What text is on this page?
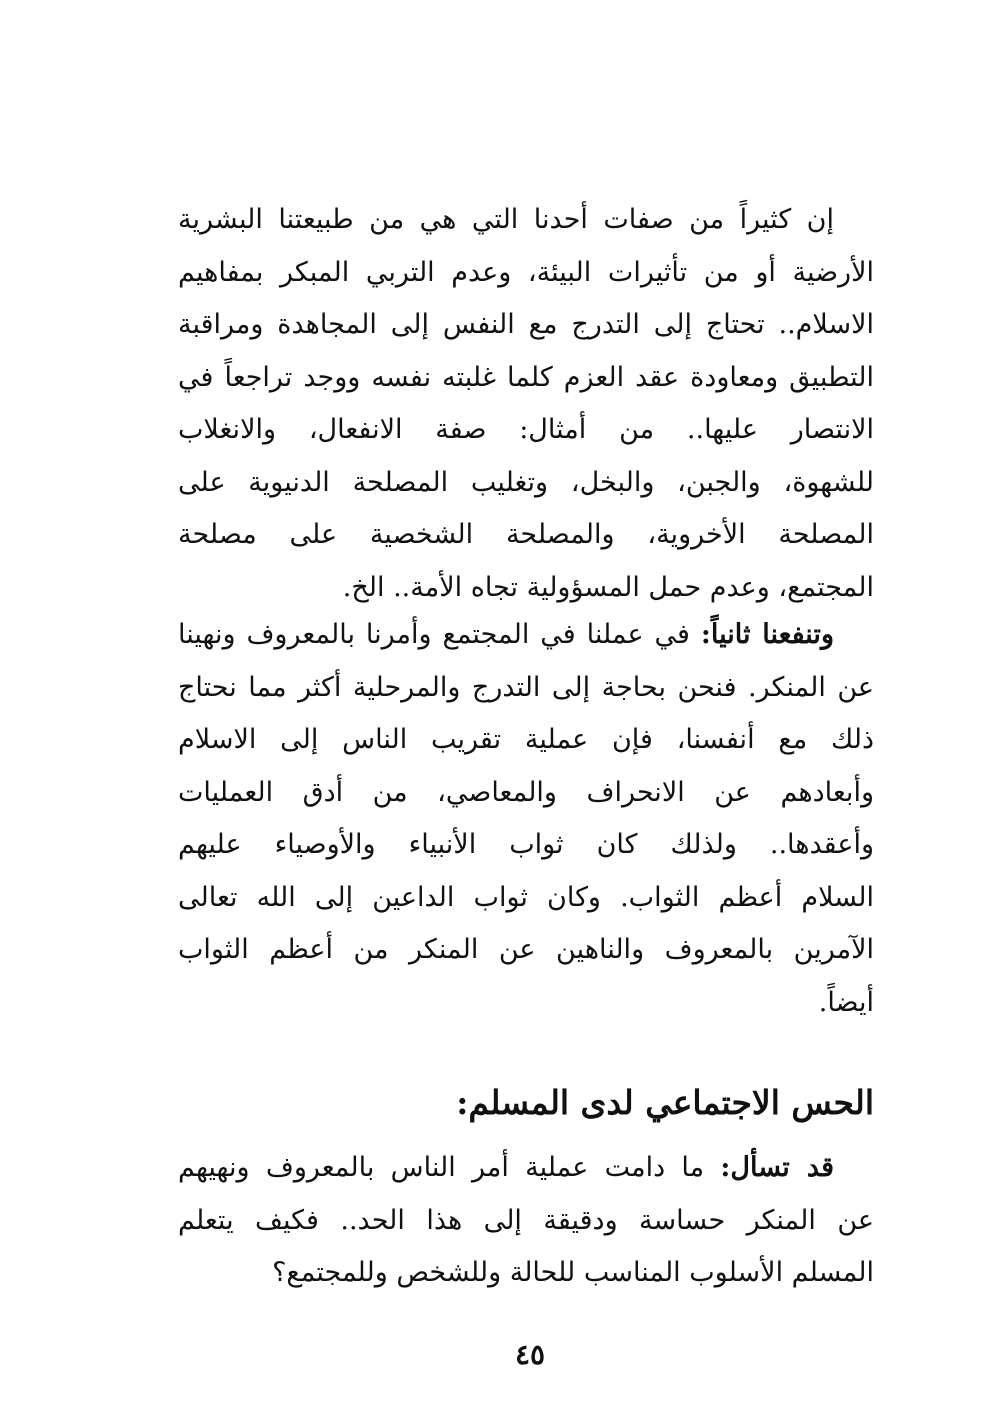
إن كثيراً من صفات أحدنا التي هي من طبيعتنا البشرية
الأرضية أو من تأثيرات البيئة، وعدم التربي المبكر بمفاهيم
الاسلام.. تحتاج إلى التدرج مع النفس إلى المجاهدة ومراقبة
التطبيق ومعاودة عقد العزم كلما غلبته نفسه ووجد تراجعاً في
الانتصار عليها.. من أمثال: صفة الانفعال، والانغلاب
للشهوة، والجبن، والبخل، وتغليب المصلحة الدنيوية على
المصلحة الأخروية، والمصلحة الشخصية على مصلحة
المجتمع، وعدم حمل المسؤولية تجاه الأمة.. الخ.
وتنفعنا ثانياً: في عملنا في المجتمع وأمرنا بالمعروف ونهينا
عن المنكر. فنحن بحاجة إلى التدرج والمرحلية أكثر مما نحتاج
ذلك مع أنفسنا، فإن عملية تقريب الناس إلى الاسلام
وأبعادهم عن الانحراف والمعاصي، من أدق العمليات
وأعقدها.. ولذلك كان ثواب الأنبياء والأوصياء عليهم
السلام أعظم الثواب. وكان ثواب الداعين إلى الله تعالى
الآمرين بالمعروف والناهين عن المنكر من أعظم الثواب
أيضاً.
الحس الاجتماعي لدى المسلم:
قد تسأل: ما دامت عملية أمر الناس بالمعروف ونهيهم
عن المنكر حساسة ودقيقة إلى هذا الحد.. فكيف يتعلم
المسلم الأسلوب المناسب للحالة وللشخص وللمجتمع؟
٤٥
